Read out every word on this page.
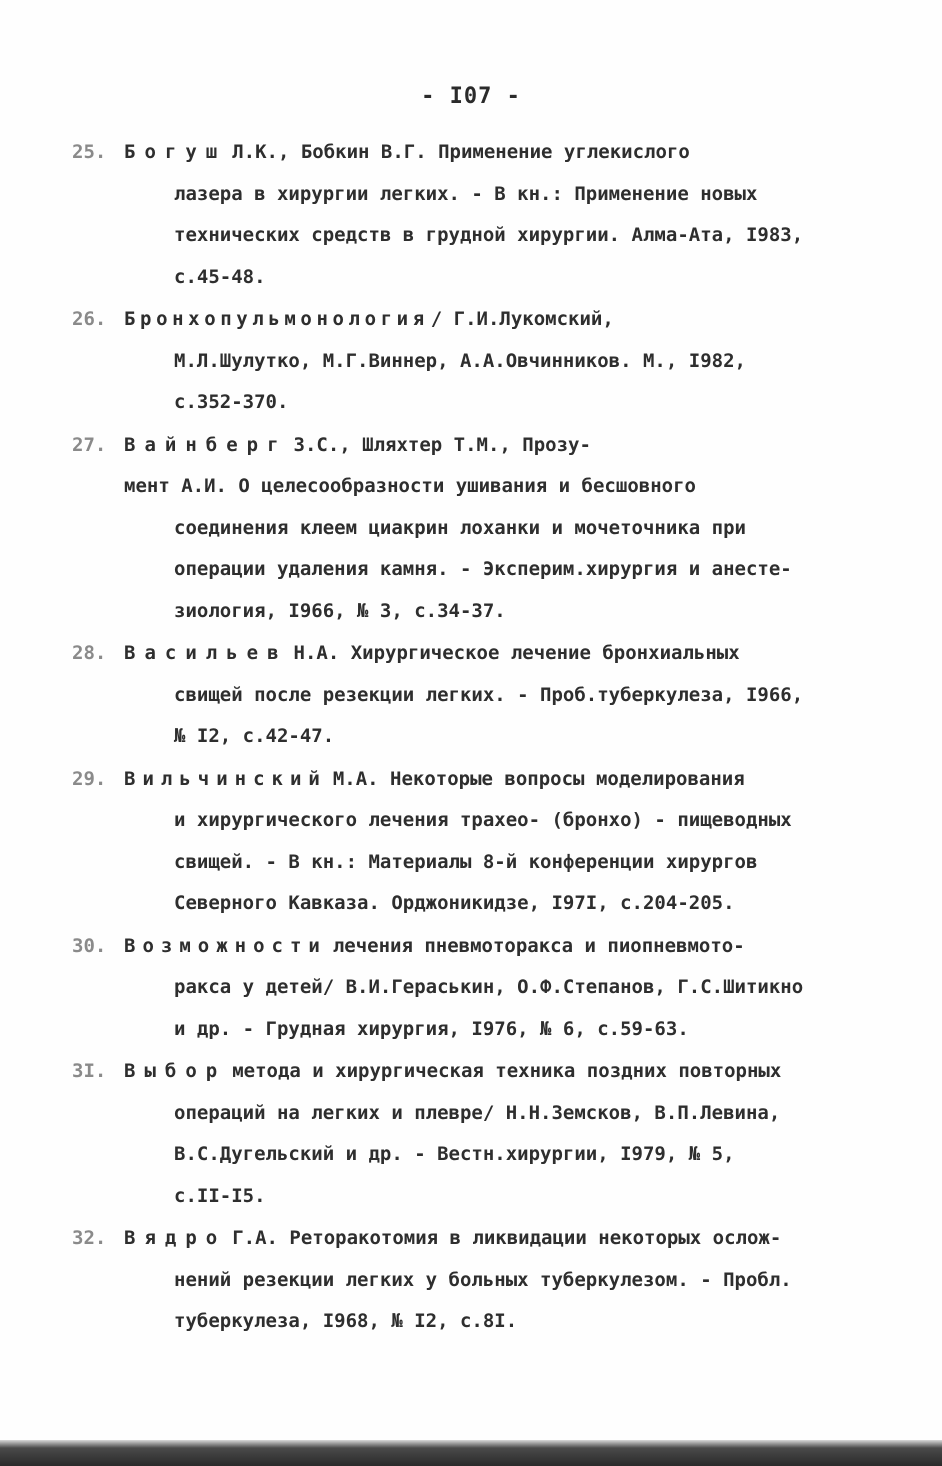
- I07 -
25. Богуш Л.К., Бобкин В.Г. Применение углекислого
лазера в хирургии легких. - В кн.: Применение новых
технических средств в грудной хирургии. Алма-Ата, I983,
с.45-48.
26. Бронхопульмонология / Г.И.Лукомский,
М.Л.Шулутко, М.Г.Виннер, А.А.Овчинников. М., I982,
с.352-370.
27. Вайнберг З.С., Шляхтер Т.М., Прозу-
мент А.И. О целесообразности ушивания и бесшовного
соединения клеем циакрин лоханки и мочеточника при
операции удаления камня. - Эксперим.хирургия и анесте-
зиология, I966, № 3, с.34-37.
28. Васильев Н.А. Хирургическое лечение бронхиальных
свищей после резекции легких. - Проб.туберкулеза, I966,
№ I2, с.42-47.
29. Вильчинский М.А. Некоторые вопросы моделирования
и хирургического лечения трахео- (бронхо) - пищеводных
свищей. - В кн.: Материалы 8-й конференции хирургов
Северного Кавказа. Орджоникидзе, I97I, с.204-205.
30. Возможности лечения пневмоторакса и пиопневмото-
ракса у детей/ В.И.Гераськин, О.Ф.Степанов, Г.С.Шитикно
и др. - Грудная хирургия, I976, № 6, с.59-63.
3I. Выбор метода и хирургическая техника поздних повторных
операций на легких и плевре/ Н.Н.Земсков, В.П.Левина,
В.С.Дугельский и др. - Вестн.хирургии, I979, № 5,
с.II-I5.
32. Вядро Г.А. Реторакотомия в ликвидации некоторых ослож-
нений резекции легких у больных туберкулезом. - Пробл.
туберкулеза, I968, № I2, с.8I.
